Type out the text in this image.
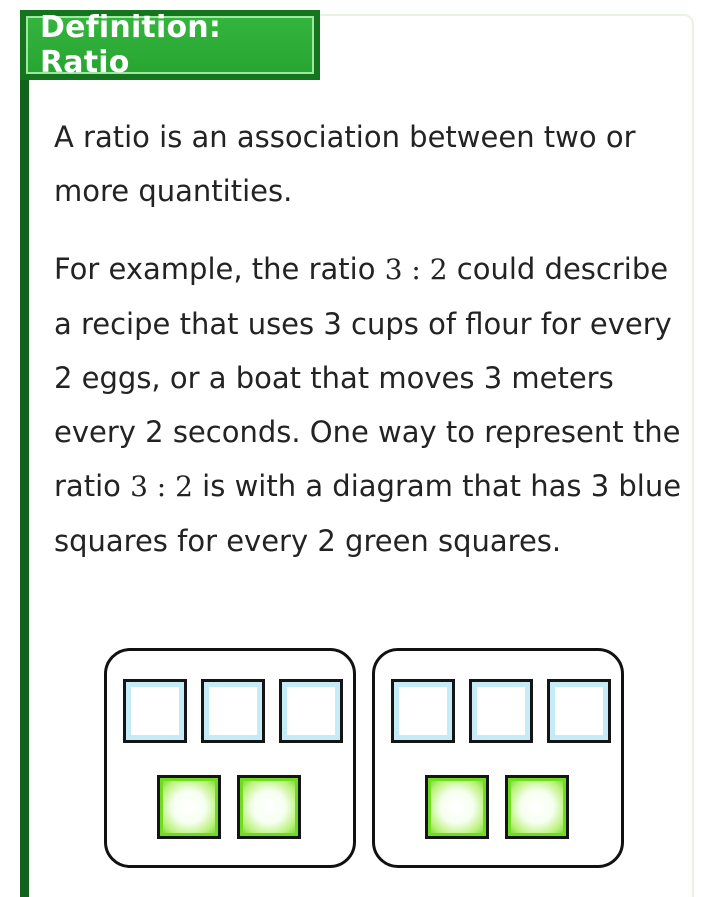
Definition: Ratio

A ratio is an association between two or more quantities.

For example, the ratio 3 : 2 could describe a recipe that uses 3 cups of flour for every 2 eggs, or a boat that moves 3 meters every 2 seconds. One way to represent the ratio 3 : 2 is with a diagram that has 3 blue squares for every 2 green squares.
